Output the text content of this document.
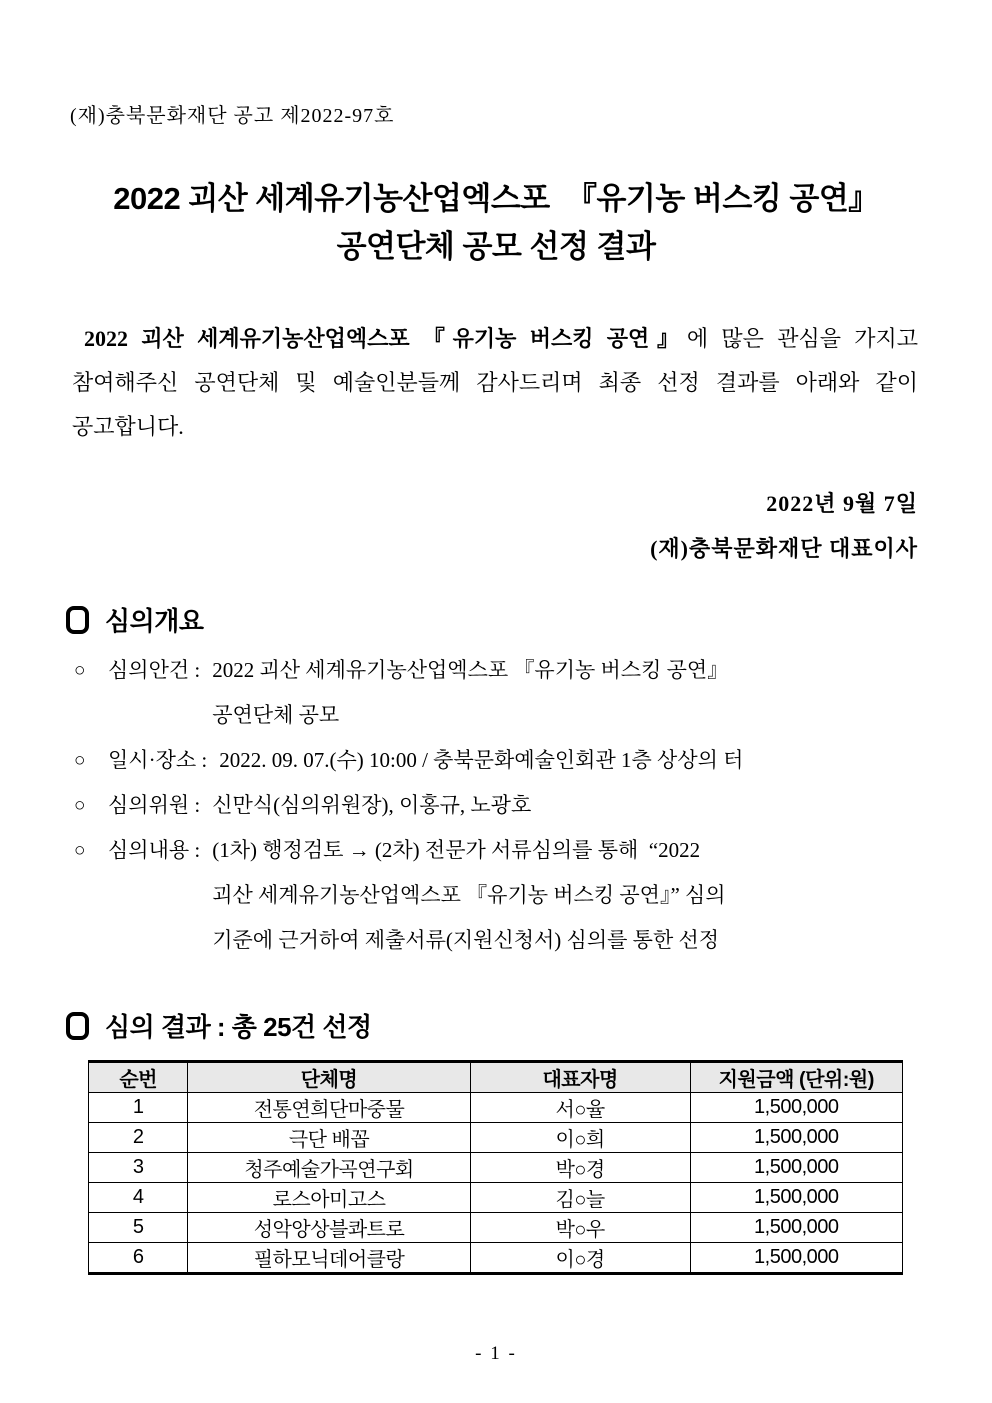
(재)충북문화재단 공고 제2022-97호
2022 괴산 세계유기농산업엑스포  『유기농 버스킹 공연』
공연단체 공모 선정 결과

2022 괴산 세계유기농산업엑스포 『유기농 버스킹 공연』에 많은 관심을 가지고 참여해주신 공연단체 및 예술인분들께 감사드리며 최종 선정 결과를 아래와 같이 공고합니다.

2022년 9월 7일
(재)충북문화재단 대표이사
심의개요
○	심의안건 : 2022 괴산 세계유기농산업엑스포 『유기농 버스킹 공연』
공연단체 공모
○	일시·장소 : 2022. 09. 07.(수) 10:00 / 충북문화예술인회관 1층 상상의 터
○	심의위원 : 신만식(심의위원장), 이홍규, 노광호
○	심의내용 : (1차) 행정검토 → (2차) 전문가 서류심의를 통해  “2022
괴산 세계유기농산업엑스포 『유기농 버스킹 공연』” 심의
기준에 근거하여 제출서류(지원신청서) 심의를 통한 선정
심의 결과 : 총 25건 선정
순번	단체명	대표자명	지원금액 (단위:원)
1	전통연희단마중물	서○율	1,500,000
2	극단 배꼽	이○희	1,500,000
3	청주예술가곡연구회	박○경	1,500,000
4	로스아미고스	김○늘	1,500,000
5	성악앙상블콰트로	박○우	1,500,000
6	필하모닉데어클랑	이○경	1,500,000
- 1 -
